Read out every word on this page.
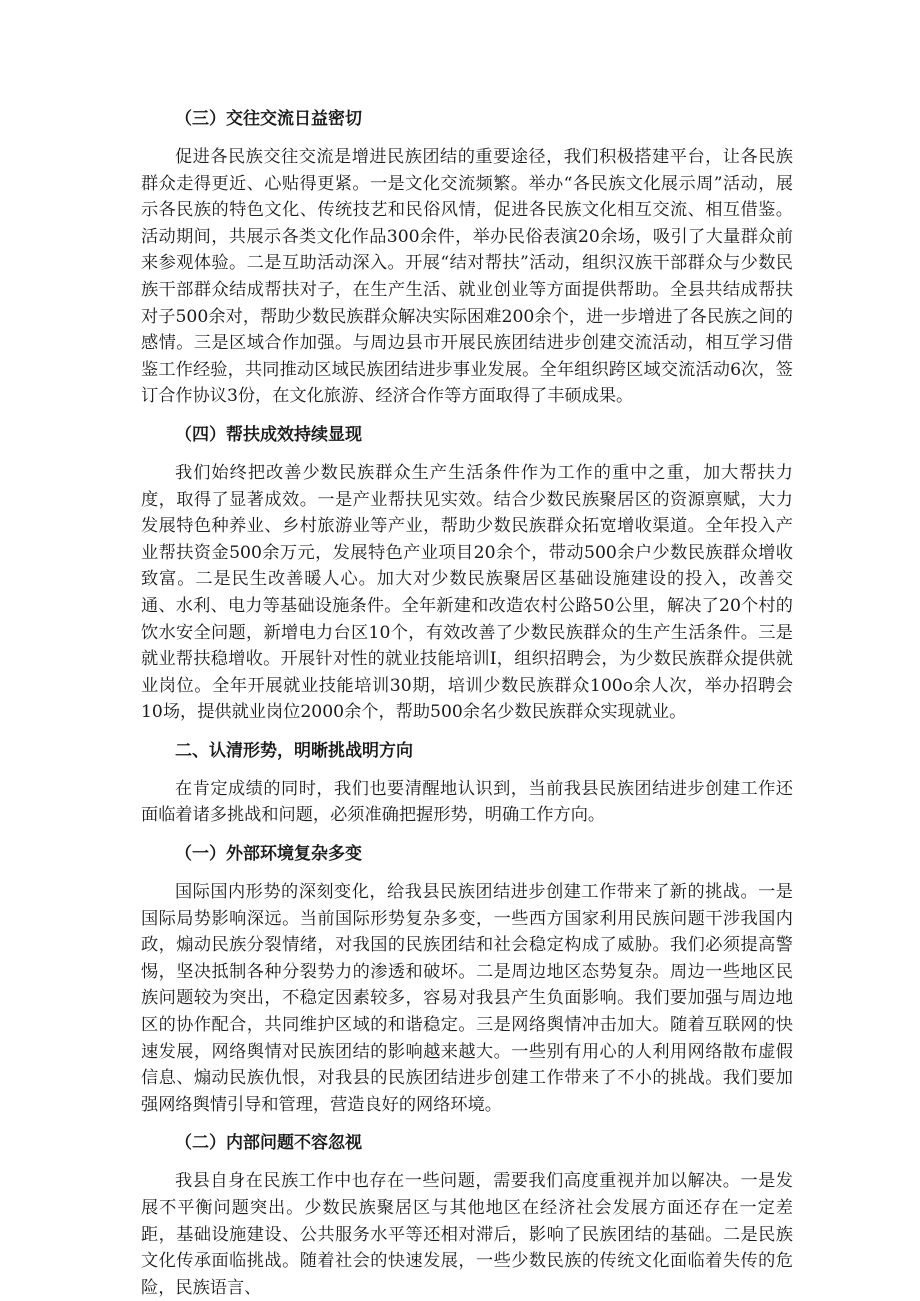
（三）交往交流日益密切

促进各民族交往交流是增进民族团结的重要途径，我们积极搭建平台，让各民族群众走得更近、心贴得更紧。一是文化交流频繁。举办“各民族文化展示周”活动，展示各民族的特色文化、传统技艺和民俗风情，促进各民族文化相互交流、相互借鉴。活动期间，共展示各类文化作品300余件，举办民俗表演20余场，吸引了大量群众前来参观体验。二是互助活动深入。开展“结对帮扶”活动，组织汉族干部群众与少数民族干部群众结成帮扶对子，在生产生活、就业创业等方面提供帮助。全县共结成帮扶对子500余对，帮助少数民族群众解决实际困难200余个，进一步增进了各民族之间的感情。三是区域合作加强。与周边县市开展民族团结进步创建交流活动，相互学习借鉴工作经验，共同推动区域民族团结进步事业发展。全年组织跨区域交流活动6次，签订合作协议3份，在文化旅游、经济合作等方面取得了丰硕成果。

（四）帮扶成效持续显现

我们始终把改善少数民族群众生产生活条件作为工作的重中之重，加大帮扶力度，取得了显著成效。一是产业帮扶见实效。结合少数民族聚居区的资源禀赋，大力发展特色种养业、乡村旅游业等产业，帮助少数民族群众拓宽增收渠道。全年投入产业帮扶资金500余万元，发展特色产业项目20余个，带动500余户少数民族群众增收致富。二是民生改善暖人心。加大对少数民族聚居区基础设施建设的投入，改善交通、水利、电力等基础设施条件。全年新建和改造农村公路50公里，解决了20个村的饮水安全问题，新增电力台区10个，有效改善了少数民族群众的生产生活条件。三是就业帮扶稳增收。开展针对性的就业技能培训I，组织招聘会，为少数民族群众提供就业岗位。全年开展就业技能培训30期，培训少数民族群众100o余人次，举办招聘会10场，提供就业岗位2000余个，帮助500余名少数民族群众实现就业。

二、认清形势，明晰挑战明方向

在肯定成绩的同时，我们也要清醒地认识到，当前我县民族团结进步创建工作还面临着诸多挑战和问题，必须准确把握形势，明确工作方向。

（一）外部环境复杂多变

国际国内形势的深刻变化，给我县民族团结进步创建工作带来了新的挑战。一是国际局势影响深远。当前国际形势复杂多变，一些西方国家利用民族问题干涉我国内政，煽动民族分裂情绪，对我国的民族团结和社会稳定构成了威胁。我们必须提高警惕，坚决抵制各种分裂势力的渗透和破坏。二是周边地区态势复杂。周边一些地区民族问题较为突出，不稳定因素较多，容易对我县产生负面影响。我们要加强与周边地区的协作配合，共同维护区域的和谐稳定。三是网络舆情冲击加大。随着互联网的快速发展，网络舆情对民族团结的影响越来越大。一些别有用心的人利用网络散布虚假信息、煽动民族仇恨，对我县的民族团结进步创建工作带来了不小的挑战。我们要加强网络舆情引导和管理，营造良好的网络环境。

（二）内部问题不容忽视

我县自身在民族工作中也存在一些问题，需要我们高度重视并加以解决。一是发展不平衡问题突出。少数民族聚居区与其他地区在经济社会发展方面还存在一定差距，基础设施建设、公共服务水平等还相对滞后，影响了民族团结的基础。二是民族文化传承面临挑战。随着社会的快速发展，一些少数民族的传统文化面临着失传的危险，民族语言、
